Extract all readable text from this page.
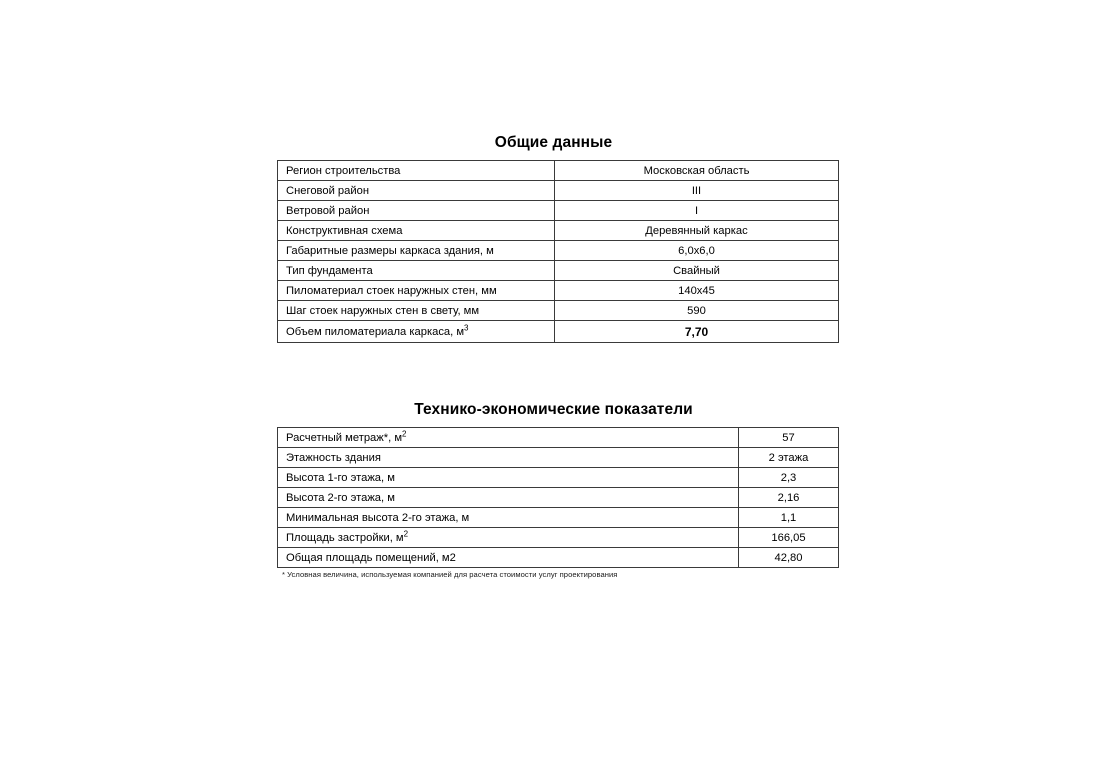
Общие данные
Регион строительства	Московская область
Снеговой район	III
Ветровой район	I
Конструктивная схема	Деревянный каркас
Габаритные размеры каркаса здания, м	6,0х6,0
Тип фундамента	Свайный
Пиломатериал стоек наружных стен, мм	140х45
Шаг стоек наружных стен в свету, мм	590
Объем пиломатериала каркаса, $м^3$	7,70
Технико-экономические показатели
Расчетный метраж*, $м^2$	57
Этажность здания	2 этажа
Высота 1-го этажа, м	2,3
Высота 2-го этажа, м	2,16
Минимальная высота 2-го этажа, м	1,1
Площадь застройки, $м^2$	166,05
Общая площадь помещений, м2	42,80
* Условная величина, используемая компанией для расчета стоимости услуг проектирования
